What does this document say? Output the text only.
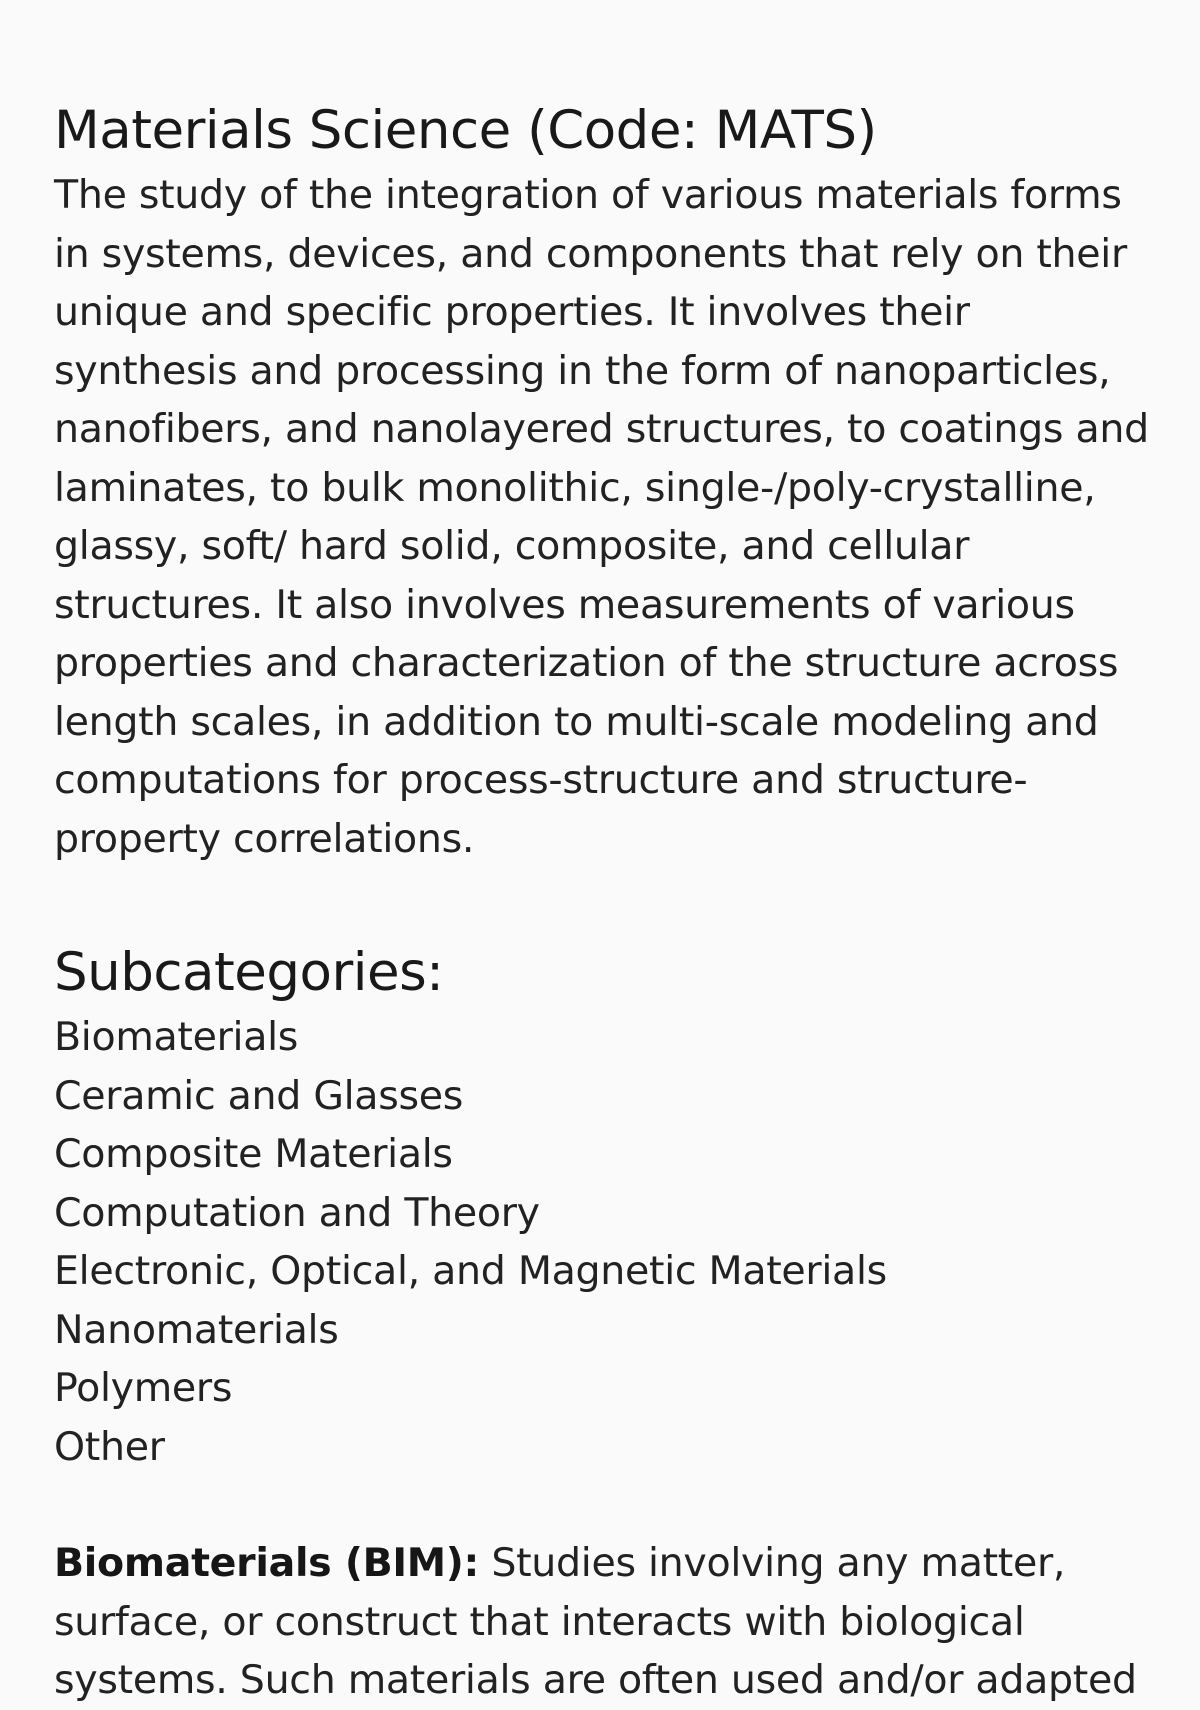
Materials Science (Code: MATS)

The study of the integration of various materials forms in systems, devices, and components that rely on their unique and specific properties. It involves their synthesis and processing in the form of nanoparticles, nanofibers, and nanolayered structures, to coatings and laminates, to bulk monolithic, single-/poly-crystalline, glassy, soft/ hard solid, composite, and cellular structures. It also involves measurements of various properties and characterization of the structure across length scales, in addition to multi-scale modeling and computations for process-structure and structure-property correlations.

Subcategories:
Biomaterials
Ceramic and Glasses
Composite Materials
Computation and Theory
Electronic, Optical, and Magnetic Materials
Nanomaterials
Polymers
Other

Biomaterials (BIM): Studies involving any matter, surface, or construct that interacts with biological systems. Such materials are often used and/or adapted
